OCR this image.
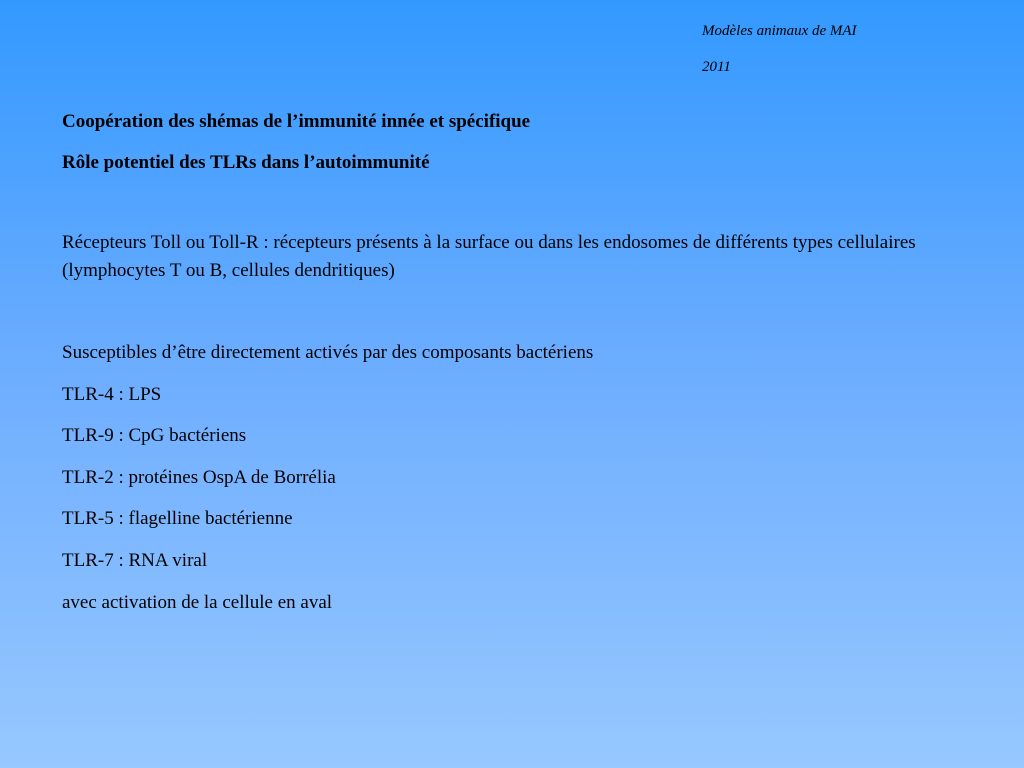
Modèles animaux de MAI
2011
Coopération des shémas de l’immunité innée et spécifique
Rôle potentiel des TLRs dans l’autoimmunité

Récepteurs Toll ou Toll-R : récepteurs présents à la surface ou dans les endosomes de différents types cellulaires (lymphocytes T ou B, cellules dendritiques)

Susceptibles d’être directement activés par des composants bactériens
TLR-4 : LPS
TLR-9 : CpG bactériens
TLR-2 : protéines OspA de Borrélia
TLR-5 : flagelline bactérienne
TLR-7 : RNA viral
avec activation de la cellule en aval
